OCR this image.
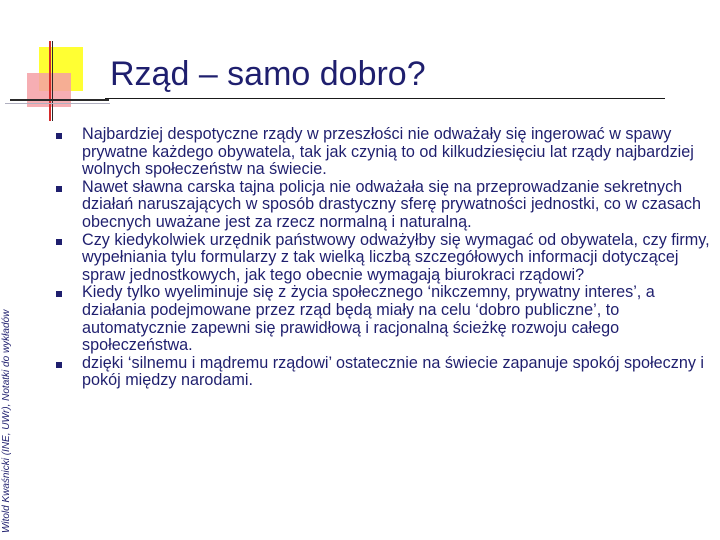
Rząd – samo dobro?
Witold Kwaśnicki (INE, UWr), Notatki do wykładów
Najbardziej despotyczne rządy w przeszłości nie odważały się ingerować w spawy prywatne każdego obywatela, tak jak czynią to od kilkudziesięciu lat rządy najbardziej wolnych społeczeństw na świecie.
Nawet sławna carska tajna policja nie odważała się na przeprowadzanie sekretnych działań naruszających w sposób drastyczny sferę prywatności jednostki, co w czasach obecnych uważane jest za rzecz normalną i naturalną.
Czy kiedykolwiek urzędnik państwowy odważyłby się wymagać od obywatela, czy firmy, wypełniania tylu formularzy z tak wielką liczbą szczegółowych informacji dotyczącej spraw jednostkowych, jak tego obecnie wymagają biurokraci rządowi?
Kiedy tylko wyeliminuje się z życia społecznego ‘nikczemny, prywatny interes’, a działania podejmowane przez rząd będą miały na celu ‘dobro publiczne’, to automatycznie zapewni się prawidłową i racjonalną ścieżkę rozwoju całego społeczeństwa.
dzięki ‘silnemu i mądremu rządowi’ ostatecznie na świecie zapanuje spokój społeczny i pokój między narodami.
